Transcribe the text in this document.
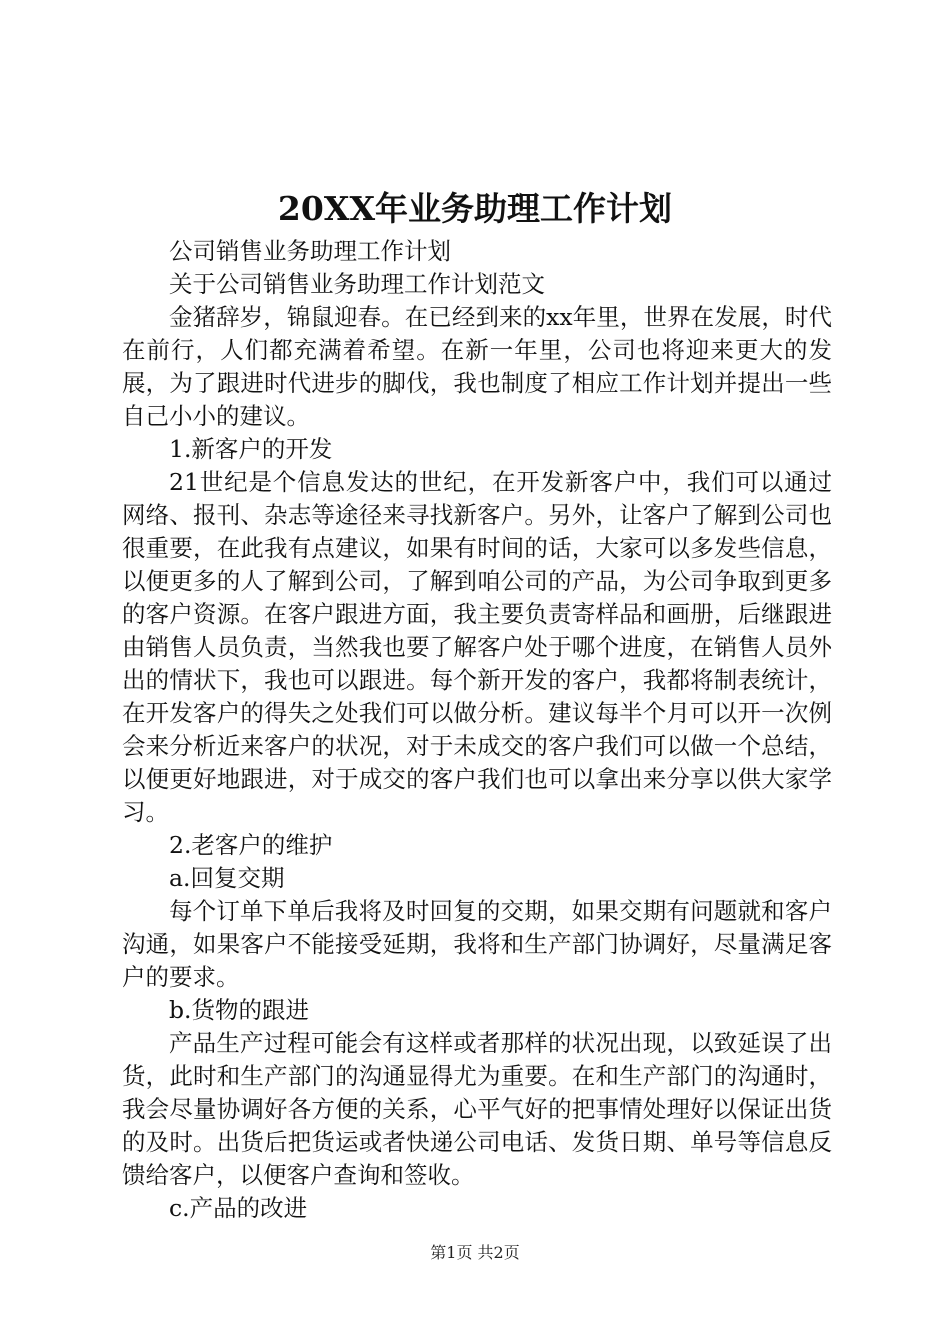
20XX年业务助理工作计划

公司销售业务助理工作计划

关于公司销售业务助理工作计划范文

金猪辞岁，锦鼠迎春。在已经到来的xx年里，世界在发展，时代在前行，人们都充满着希望。在新一年里，公司也将迎来更大的发展，为了跟进时代进步的脚伐，我也制度了相应工作计划并提出一些自己小小的建议。

1.新客户的开发

21世纪是个信息发达的世纪，在开发新客户中，我们可以通过网络、报刊、杂志等途径来寻找新客户。另外，让客户了解到公司也很重要，在此我有点建议，如果有时间的话，大家可以多发些信息，以便更多的人了解到公司，了解到咱公司的产品，为公司争取到更多的客户资源。在客户跟进方面，我主要负责寄样品和画册，后继跟进由销售人员负责，当然我也要了解客户处于哪个进度，在销售人员外出的情状下，我也可以跟进。每个新开发的客户，我都将制表统计，在开发客户的得失之处我们可以做分析。建议每半个月可以开一次例会来分析近来客户的状况，对于未成交的客户我们可以做一个总结，以便更好地跟进，对于成交的客户我们也可以拿出来分享以供大家学习。

2.老客户的维护

a.回复交期

每个订单下单后我将及时回复的交期，如果交期有问题就和客户沟通，如果客户不能接受延期，我将和生产部门协调好，尽量满足客户的要求。

b.货物的跟进

产品生产过程可能会有这样或者那样的状况出现，以致延误了出货，此时和生产部门的沟通显得尤为重要。在和生产部门的沟通时，我会尽量协调好各方便的关系，心平气好的把事情处理好以保证出货的及时。出货后把货运或者快递公司电话、发货日期、单号等信息反馈给客户，以便客户查询和签收。

c.产品的改进

第1页 共2页
